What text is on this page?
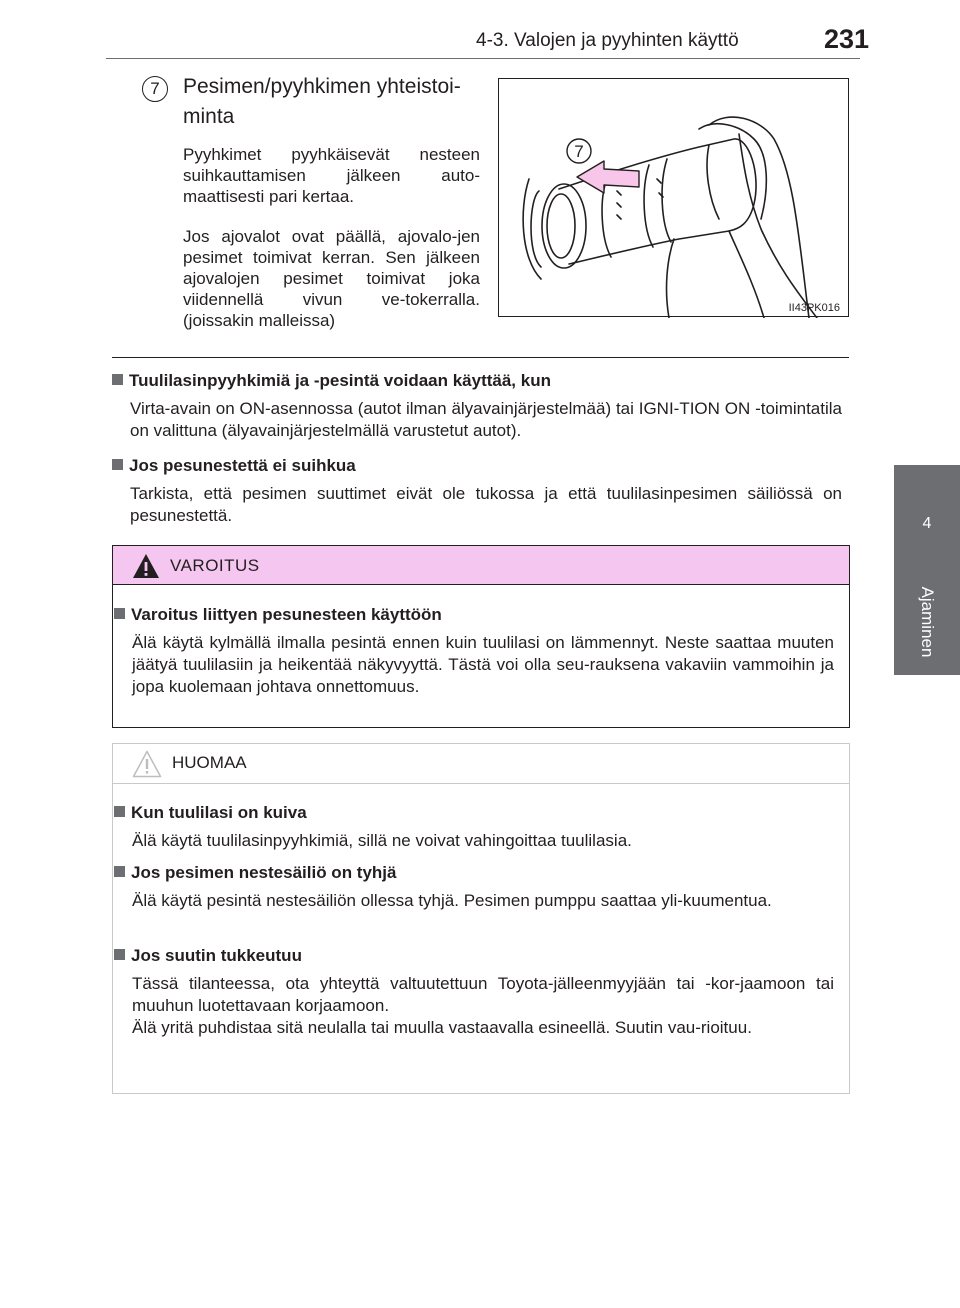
4-3. Valojen ja pyyhinten käyttö	231
4
Ajaminen
7	Pesimen/pyyhkimen yhteistoi-minta
Pyyhkimet pyyhkäisevät nesteen suihkauttamisen jälkeen auto-maattisesti pari kertaa.
Jos ajovalot ovat päällä, ajovalo-jen pesimet toimivat kerran. Sen jälkeen ajovalojen pesimet toimivat joka viidennellä vivun ve-tokerralla. (joissakin malleissa)
7
II43PK016
Tuulilasinpyyhkimiä ja -pesintä voidaan käyttää, kun
Virta-avain on ON-asennossa (autot ilman älyavainjärjestelmää) tai IGNI-TION ON -toimintatila on valittuna (älyavainjärjestelmällä varustetut autot).
Jos pesunestettä ei suihkua
Tarkista, että pesimen suuttimet eivät ole tukossa ja että tuulilasinpesimen säiliössä on pesunestettä.
VAROITUS
Varoitus liittyen pesunesteen käyttöön
Älä käytä kylmällä ilmalla pesintä ennen kuin tuulilasi on lämmennyt. Neste saattaa muuten jäätyä tuulilasiin ja heikentää näkyvyyttä. Tästä voi olla seu-rauksena vakaviin vammoihin ja jopa kuolemaan johtava onnettomuus.
HUOMAA
Kun tuulilasi on kuiva
Älä käytä tuulilasinpyyhkimiä, sillä ne voivat vahingoittaa tuulilasia.
Jos pesimen nestesäiliö on tyhjä
Älä käytä pesintä nestesäiliön ollessa tyhjä. Pesimen pumppu saattaa yli-kuumentua.
Jos suutin tukkeutuu
Tässä tilanteessa, ota yhteyttä valtuutettuun Toyota-jälleenmyyjään tai -kor-jaamoon tai muuhun luotettavaan korjaamoon.
Älä yritä puhdistaa sitä neulalla tai muulla vastaavalla esineellä. Suutin vau-rioituu.
